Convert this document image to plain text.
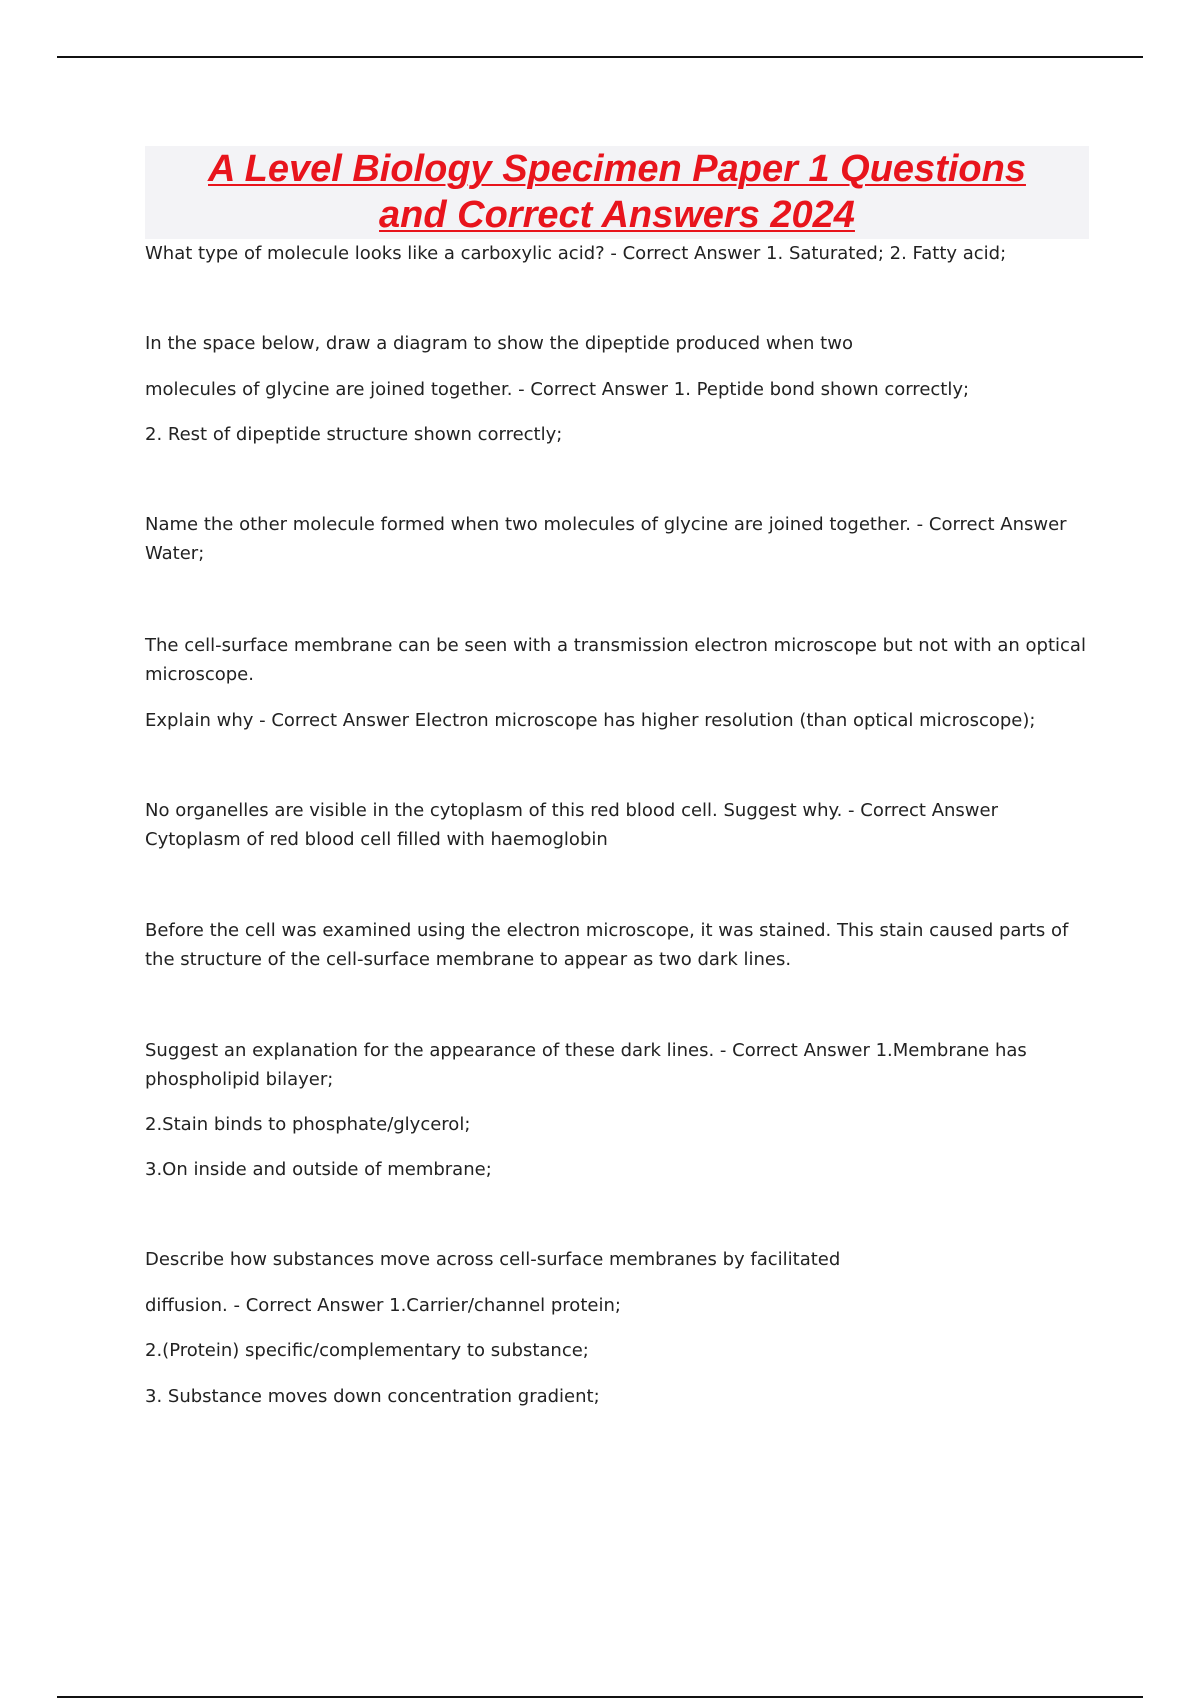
A Level Biology Specimen Paper 1 Questions
and Correct Answers 2024

What type of molecule looks like a carboxylic acid? - Correct Answer 1. Saturated; 2. Fatty acid;

In the space below, draw a diagram to show the dipeptide produced when two

molecules of glycine are joined together. - Correct Answer 1. Peptide bond shown correctly;

2. Rest of dipeptide structure shown correctly;

Name the other molecule formed when two molecules of glycine are joined together. - Correct Answer Water;

The cell-surface membrane can be seen with a transmission electron microscope but not with an optical microscope.

Explain why - Correct Answer Electron microscope has higher resolution (than optical microscope);

No organelles are visible in the cytoplasm of this red blood cell. Suggest why. - Correct Answer Cytoplasm of red blood cell filled with haemoglobin

Before the cell was examined using the electron microscope, it was stained. This stain caused parts of the structure of the cell-surface membrane to appear as two dark lines.

Suggest an explanation for the appearance of these dark lines. - Correct Answer 1.Membrane has phospholipid bilayer;

2.Stain binds to phosphate/glycerol;

3.On inside and outside of membrane;

Describe how substances move across cell-surface membranes by facilitated

diffusion. - Correct Answer 1.Carrier/channel protein;

2.(Protein) specific/complementary to substance;

3. Substance moves down concentration gradient;
